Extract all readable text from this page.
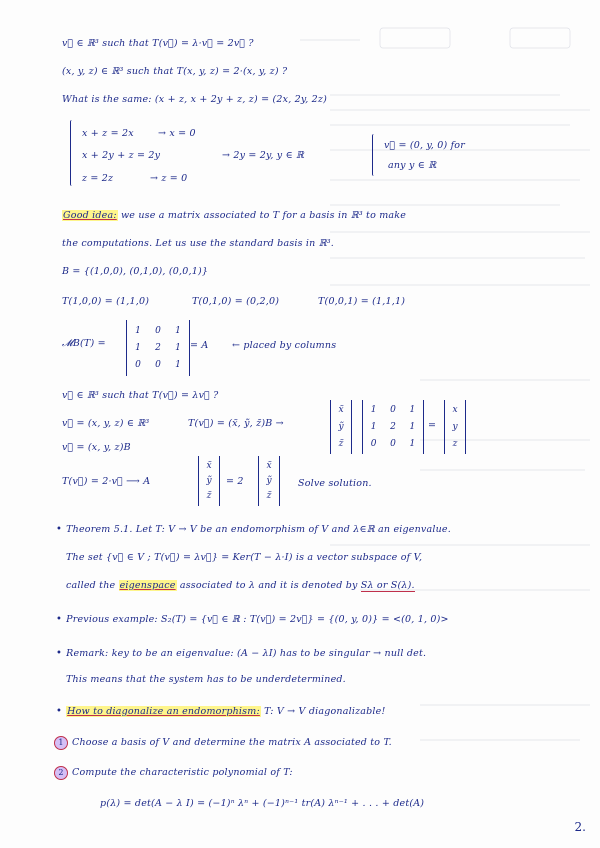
v⃗ ∈ ℝ³ such that T(v⃗) = λ·v⃗ = 2v⃗ ?
(x, y, z) ∈ ℝ³ such that T(x, y, z) = 2·(x, y, z) ?
What is the same: (x + z, x + 2y + z, z) = (2x, 2y, 2z)
x + z = 2x	→ x = 0
x + 2y + z = 2y	→ 2y = 2y, y ∈ ℝ
z = 2z	→ z = 0
v⃗ = (0, y, 0) for
any y ∈ ℝ
Good idea: we use a matrix associated to T for a basis in ℝ³ to make
the computations. Let us use the standard basis in ℝ³.
B = {(1,0,0), (0,1,0), (0,0,1)}
T(1,0,0) = (1,1,0)	T(0,1,0) = (0,2,0)	T(0,0,1) = (1,1,1)
𝓜B(T) =
1 0 1
1 2 1
0 0 1
= A ← placed by columns
v⃗ ∈ ℝ³ such that T(v⃗) = λv⃗ ?
v⃗ = (x, y, z) ∈ ℝ³	T(v⃗) = (x̃, ỹ, z̃)B →
v⃗ = (x, y, z)B
x̃
ỹ
z̃
1 0 1
1 2 1
0 0 1
=
x
y
z
T(v⃗) = 2·v⃗ ⟶ A
x̃
ỹ
z̃
= 2
x̃
ỹ
z̃
Solve solution.
• Theorem 5.1. Let T: V → V be an endomorphism of V and λ∈ℝ an eigenvalue.
The set {v⃗ ∈ V ; T(v⃗) = λv⃗} = Ker(T − λ·I) is a vector subspace of V,
called the eigenspace associated to λ and it is denoted by Sλ or S(λ).
• Previous example: S₂(T) = {v⃗ ∈ ℝ : T(v⃗) = 2v⃗} = {(0, y, 0)} = <(0, 1, 0)>
• Remark: key to be an eigenvalue: (A − λI) has to be singular → null det.
This means that the system has to be underdetermined.
• How to diagonalize an endomorphism: T: V → V diagonalizable!
1 Choose a basis of V and determine the matrix A associated to T.
2 Compute the characteristic polynomial of T:
p(λ) = det(A − λ I) = (−1)ⁿ λⁿ + (−1)ⁿ⁻¹ tr(A) λⁿ⁻¹ + . . . + det(A)
2.
